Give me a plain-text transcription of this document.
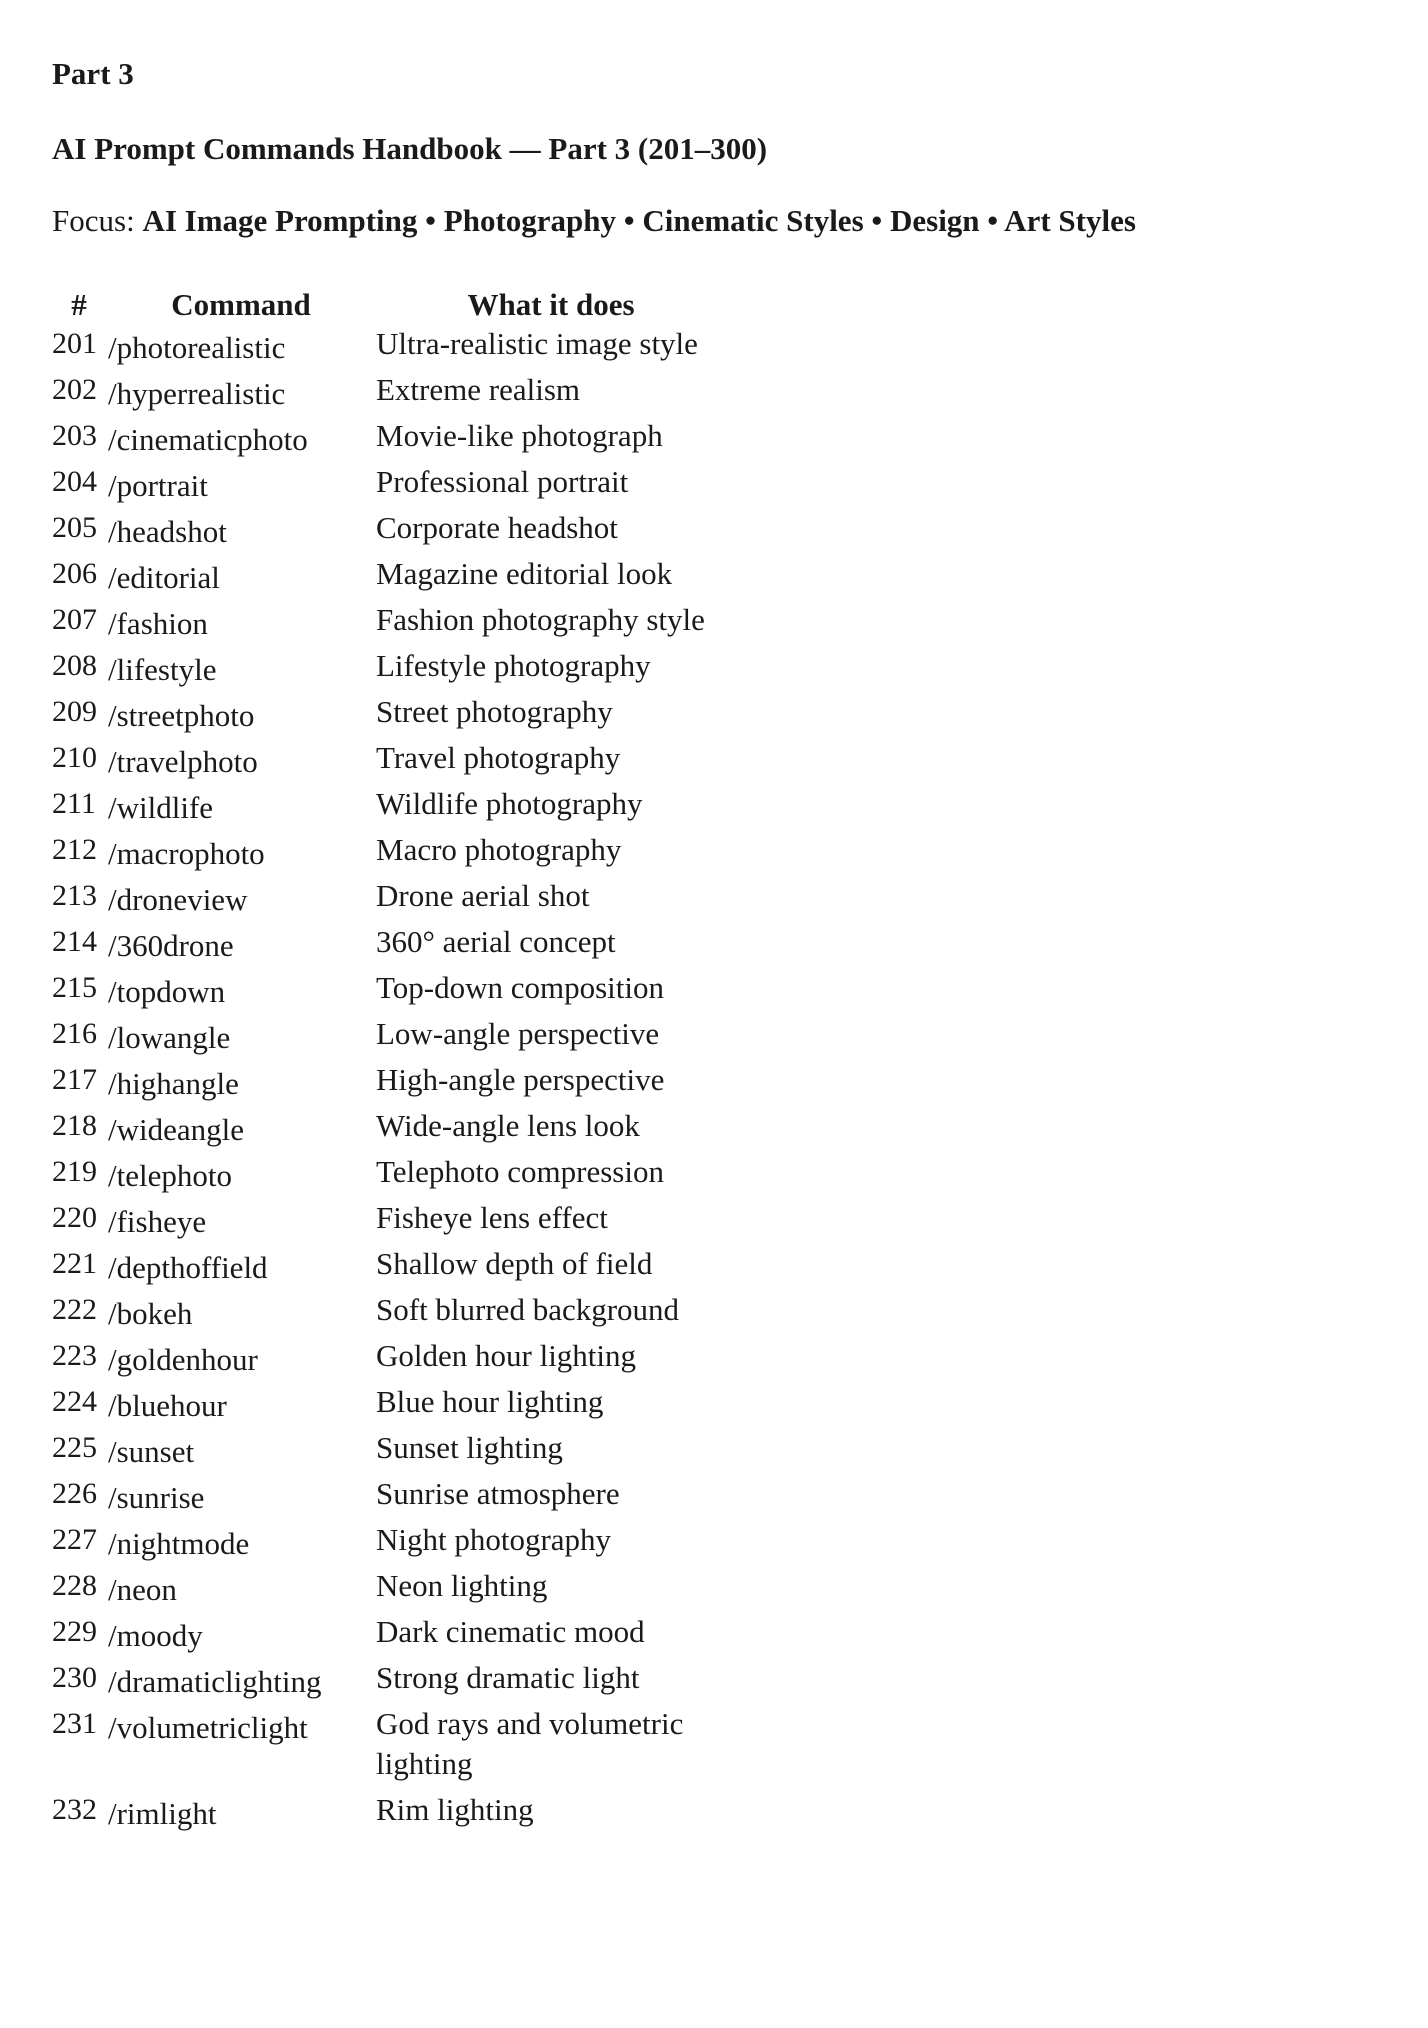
Part 3
AI Prompt Commands Handbook — Part 3 (201–300)
Focus: AI Image Prompting • Photography • Cinematic Styles • Design • Art Styles
#	Command	What it does
201	/photorealistic	Ultra-realistic image style
202	/hyperrealistic	Extreme realism
203	/cinematicphoto	Movie-like photograph
204	/portrait	Professional portrait
205	/headshot	Corporate headshot
206	/editorial	Magazine editorial look
207	/fashion	Fashion photography style
208	/lifestyle	Lifestyle photography
209	/streetphoto	Street photography
210	/travelphoto	Travel photography
211	/wildlife	Wildlife photography
212	/macrophoto	Macro photography
213	/droneview	Drone aerial shot
214	/360drone	360° aerial concept
215	/topdown	Top-down composition
216	/lowangle	Low-angle perspective
217	/highangle	High-angle perspective
218	/wideangle	Wide-angle lens look
219	/telephoto	Telephoto compression
220	/fisheye	Fisheye lens effect
221	/depthoffield	Shallow depth of field
222	/bokeh	Soft blurred background
223	/goldenhour	Golden hour lighting
224	/bluehour	Blue hour lighting
225	/sunset	Sunset lighting
226	/sunrise	Sunrise atmosphere
227	/nightmode	Night photography
228	/neon	Neon lighting
229	/moody	Dark cinematic mood
230	/dramaticlighting	Strong dramatic light
231	/volumetriclight	God rays and volumetric lighting
232	/rimlight	Rim lighting
